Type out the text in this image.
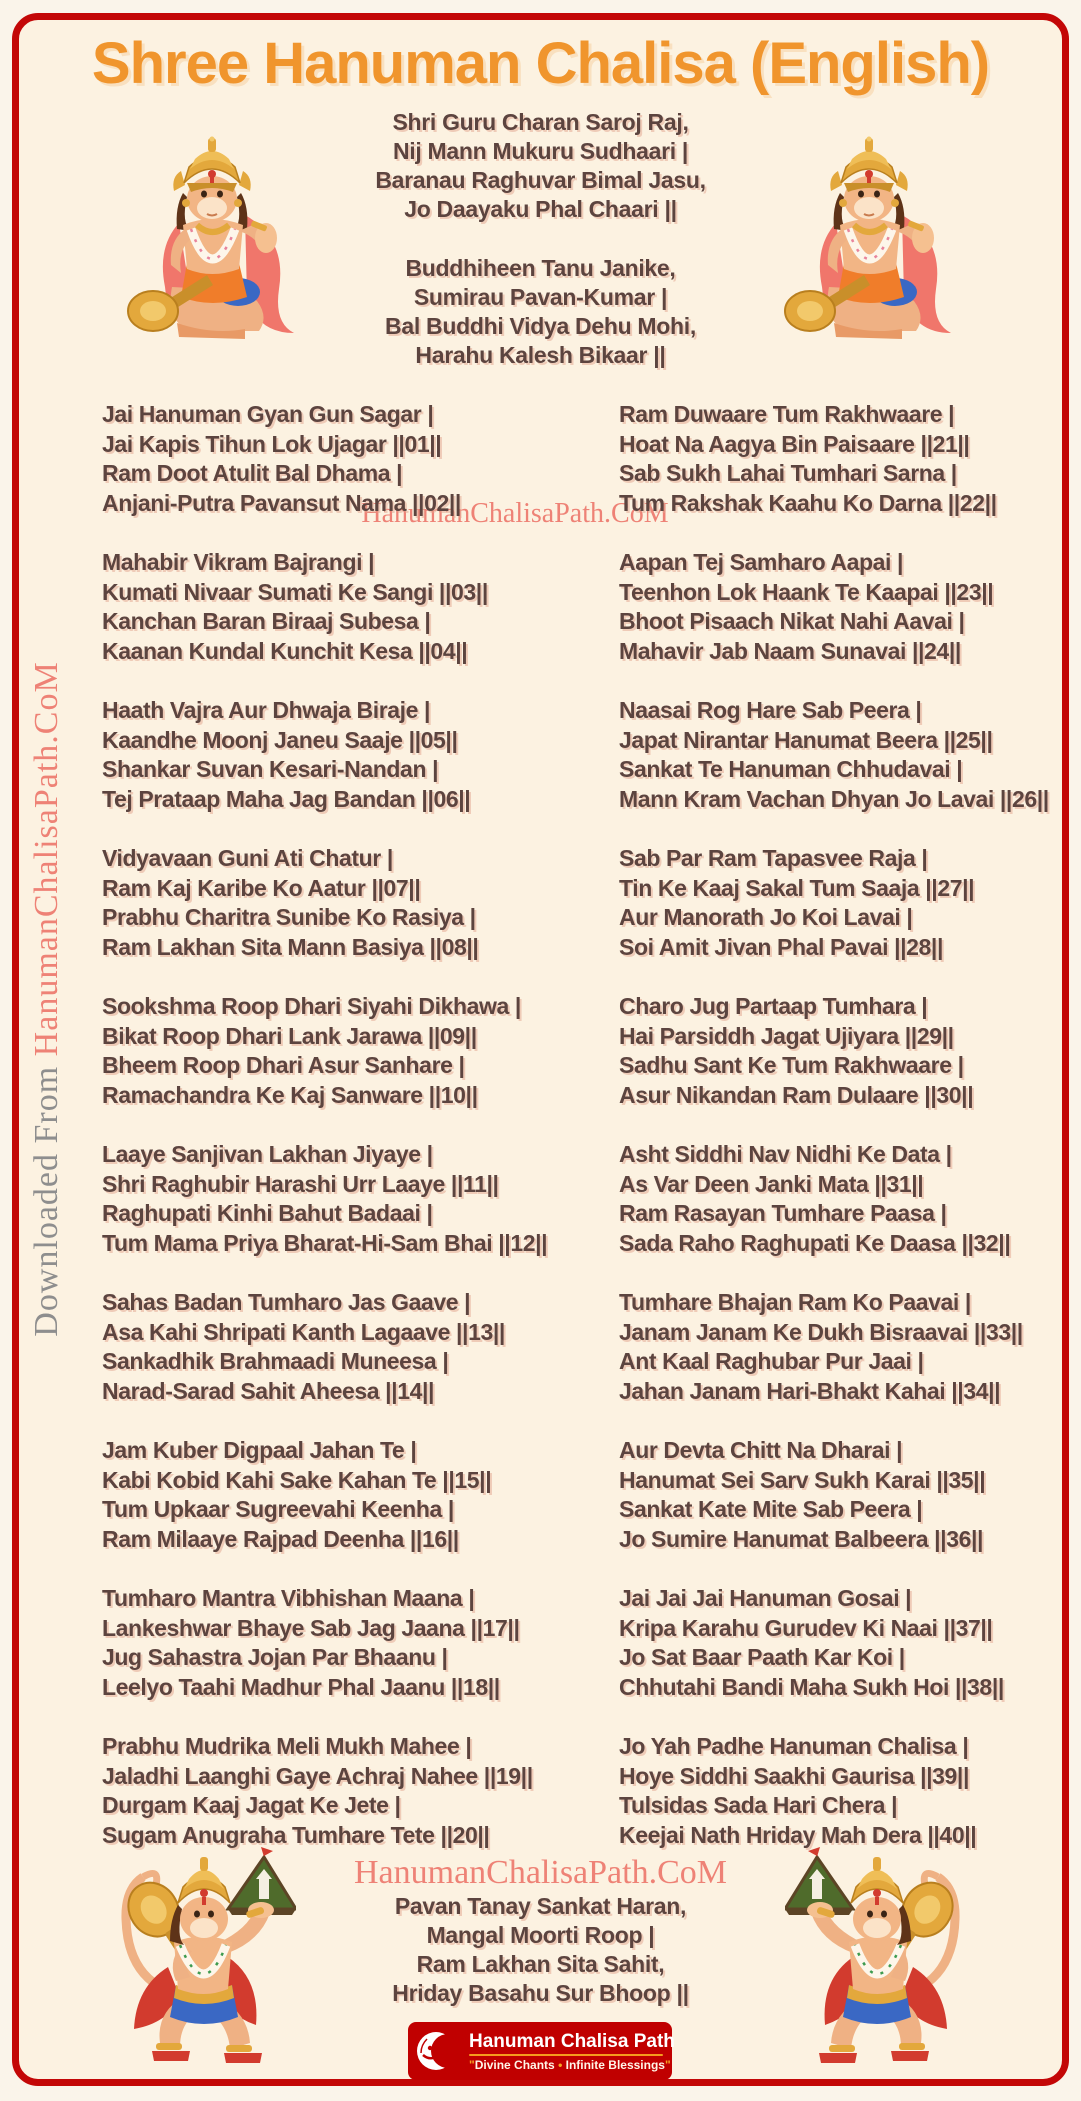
Shree Hanuman Chalisa (English)
Shri Guru Charan Saroj Raj,
Nij Mann Mukuru Sudhaari |
Baranau Raghuvar Bimal Jasu,
Jo Daayaku Phal Chaari ||
Buddhiheen Tanu Janike,
Sumirau Pavan-Kumar |
Bal Buddhi Vidya Dehu Mohi,
Harahu Kalesh Bikaar ||
HanumanChalisaPath.CoM
Jai Hanuman Gyan Gun Sagar |
Jai Kapis Tihun Lok Ujagar ||01||
Ram Doot Atulit Bal Dhama |
Anjani-Putra Pavansut Nama ||02||
Mahabir Vikram Bajrangi |
Kumati Nivaar Sumati Ke Sangi ||03||
Kanchan Baran Biraaj Subesa |
Kaanan Kundal Kunchit Kesa ||04||
Haath Vajra Aur Dhwaja Biraje |
Kaandhe Moonj Janeu Saaje ||05||
Shankar Suvan Kesari-Nandan |
Tej Prataap Maha Jag Bandan ||06||
Vidyavaan Guni Ati Chatur |
Ram Kaj Karibe Ko Aatur ||07||
Prabhu Charitra Sunibe Ko Rasiya |
Ram Lakhan Sita Mann Basiya ||08||
Sookshma Roop Dhari Siyahi Dikhawa |
Bikat Roop Dhari Lank Jarawa ||09||
Bheem Roop Dhari Asur Sanhare |
Ramachandra Ke Kaj Sanware ||10||
Laaye Sanjivan Lakhan Jiyaye |
Shri Raghubir Harashi Urr Laaye ||11||
Raghupati Kinhi Bahut Badaai |
Tum Mama Priya Bharat-Hi-Sam Bhai ||12||
Sahas Badan Tumharo Jas Gaave |
Asa Kahi Shripati Kanth Lagaave ||13||
Sankadhik Brahmaadi Muneesa |
Narad-Sarad Sahit Aheesa ||14||
Jam Kuber Digpaal Jahan Te |
Kabi Kobid Kahi Sake Kahan Te ||15||
Tum Upkaar Sugreevahi Keenha |
Ram Milaaye Rajpad Deenha ||16||
Tumharo Mantra Vibhishan Maana |
Lankeshwar Bhaye Sab Jag Jaana ||17||
Jug Sahastra Jojan Par Bhaanu |
Leelyo Taahi Madhur Phal Jaanu ||18||
Prabhu Mudrika Meli Mukh Mahee |
Jaladhi Laanghi Gaye Achraj Nahee ||19||
Durgam Kaaj Jagat Ke Jete |
Sugam Anugraha Tumhare Tete ||20||
Ram Duwaare Tum Rakhwaare |
Hoat Na Aagya Bin Paisaare ||21||
Sab Sukh Lahai Tumhari Sarna |
Tum Rakshak Kaahu Ko Darna ||22||
Aapan Tej Samharo Aapai |
Teenhon Lok Haank Te Kaapai ||23||
Bhoot Pisaach Nikat Nahi Aavai |
Mahavir Jab Naam Sunavai ||24||
Naasai Rog Hare Sab Peera |
Japat Nirantar Hanumat Beera ||25||
Sankat Te Hanuman Chhudavai |
Mann Kram Vachan Dhyan Jo Lavai ||26||
Sab Par Ram Tapasvee Raja |
Tin Ke Kaaj Sakal Tum Saaja ||27||
Aur Manorath Jo Koi Lavai |
Soi Amit Jivan Phal Pavai ||28||
Charo Jug Partaap Tumhara |
Hai Parsiddh Jagat Ujiyara ||29||
Sadhu Sant Ke Tum Rakhwaare |
Asur Nikandan Ram Dulaare ||30||
Asht Siddhi Nav Nidhi Ke Data |
As Var Deen Janki Mata ||31||
Ram Rasayan Tumhare Paasa |
Sada Raho Raghupati Ke Daasa ||32||
Tumhare Bhajan Ram Ko Paavai |
Janam Janam Ke Dukh Bisraavai ||33||
Ant Kaal Raghubar Pur Jaai |
Jahan Janam Hari-Bhakt Kahai ||34||
Aur Devta Chitt Na Dharai |
Hanumat Sei Sarv Sukh Karai ||35||
Sankat Kate Mite Sab Peera |
Jo Sumire Hanumat Balbeera ||36||
Jai Jai Jai Hanuman Gosai |
Kripa Karahu Gurudev Ki Naai ||37||
Jo Sat Baar Paath Kar Koi |
Chhutahi Bandi Maha Sukh Hoi ||38||
Jo Yah Padhe Hanuman Chalisa |
Hoye Siddhi Saakhi Gaurisa ||39||
Tulsidas Sada Hari Chera |
Keejai Nath Hriday Mah Dera ||40||
Downloaded From HanumanChalisaPath.CoM
HanumanChalisaPath.CoM
Pavan Tanay Sankat Haran,
Mangal Moorti Roop |
Ram Lakhan Sita Sahit,
Hriday Basahu Sur Bhoop ||
Hanuman Chalisa Path
"Divine Chants • Infinite Blessings"
